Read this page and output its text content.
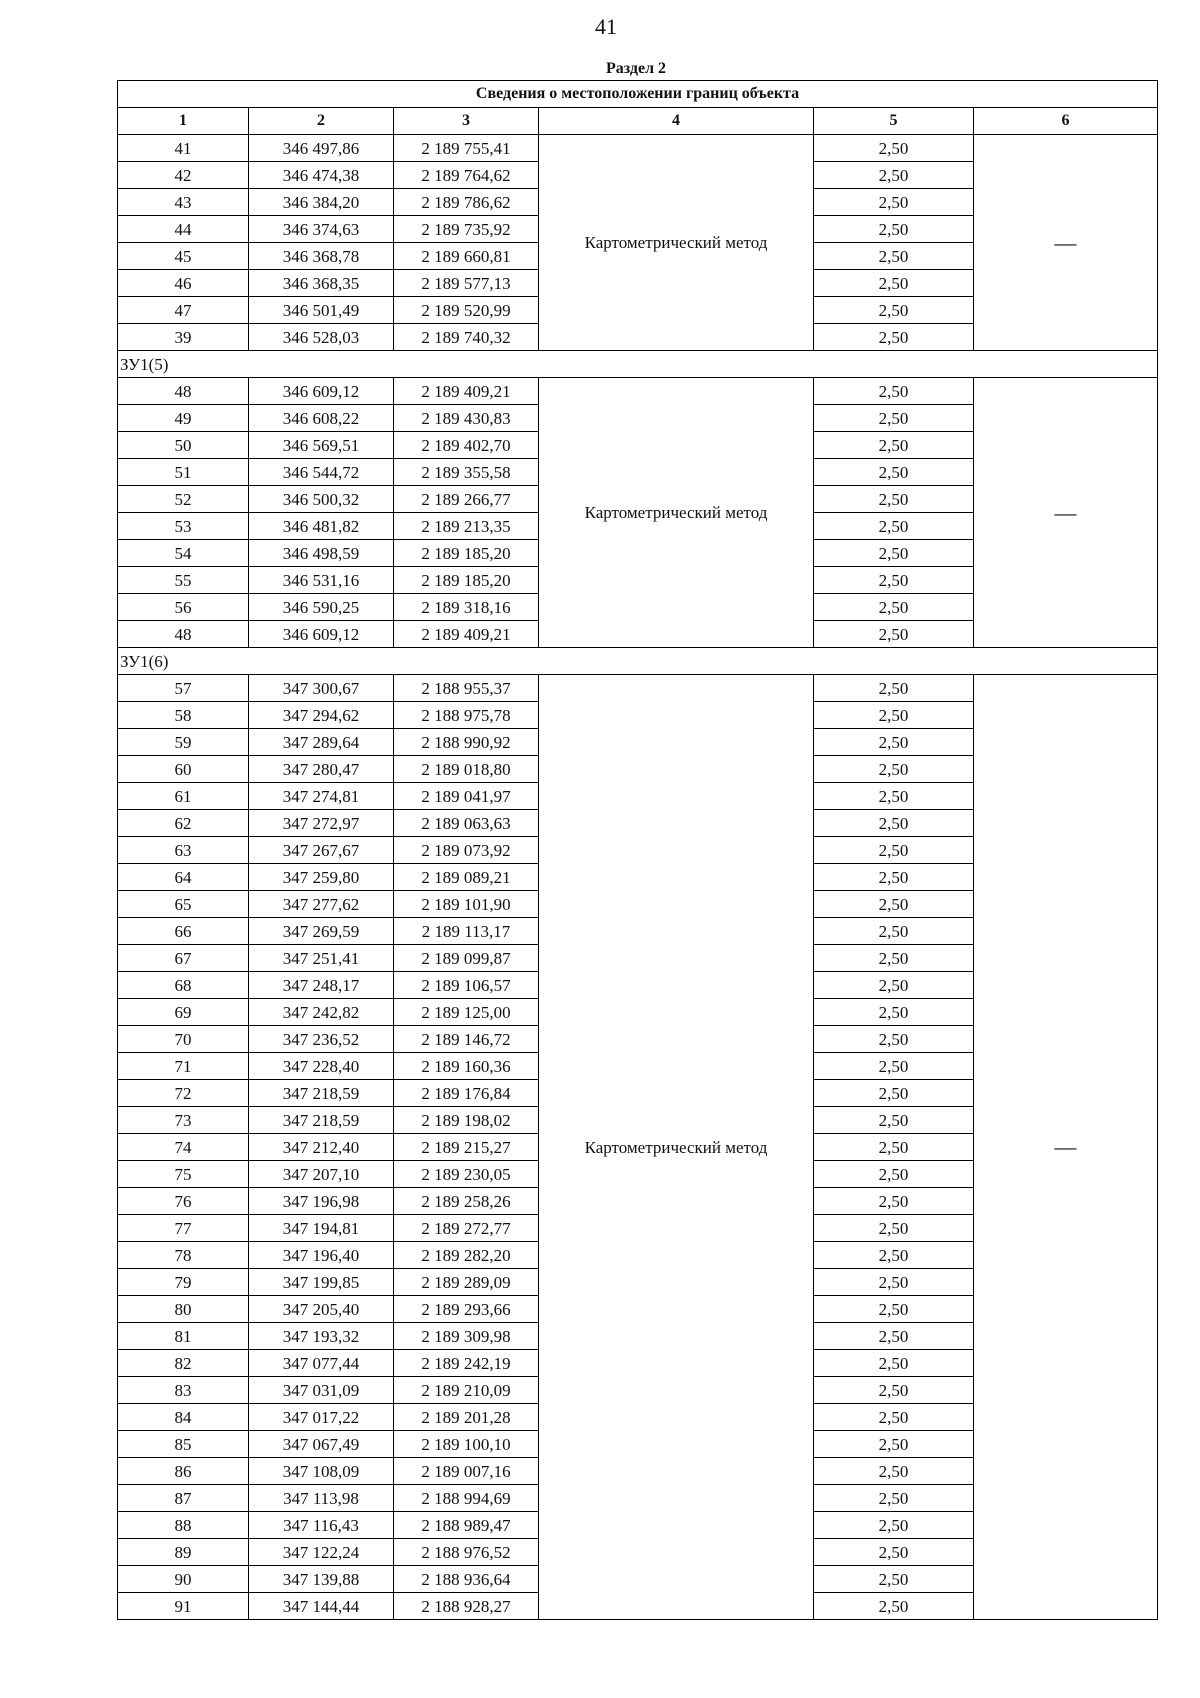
41
Раздел 2
Сведения о местоположении границ объекта					
1	2	3	4	5	6
41	346 497,86	2 189 755,41	Картометрический метод	2,50	—
42	346 474,38	2 189 764,62		2,50	
43	346 384,20	2 189 786,62		2,50	
44	346 374,63	2 189 735,92		2,50	
45	346 368,78	2 189 660,81		2,50	
46	346 368,35	2 189 577,13		2,50	
47	346 501,49	2 189 520,99		2,50	
39	346 528,03	2 189 740,32		2,50	
ЗУ1(5)					
48	346 609,12	2 189 409,21	Картометрический метод	2,50	—
49	346 608,22	2 189 430,83		2,50	
50	346 569,51	2 189 402,70		2,50	
51	346 544,72	2 189 355,58		2,50	
52	346 500,32	2 189 266,77		2,50	
53	346 481,82	2 189 213,35		2,50	
54	346 498,59	2 189 185,20		2,50	
55	346 531,16	2 189 185,20		2,50	
56	346 590,25	2 189 318,16		2,50	
48	346 609,12	2 189 409,21		2,50	
ЗУ1(6)					
57	347 300,67	2 188 955,37	Картометрический метод	2,50	—
58	347 294,62	2 188 975,78		2,50	
59	347 289,64	2 188 990,92		2,50	
60	347 280,47	2 189 018,80		2,50	
61	347 274,81	2 189 041,97		2,50	
62	347 272,97	2 189 063,63		2,50	
63	347 267,67	2 189 073,92		2,50	
64	347 259,80	2 189 089,21		2,50	
65	347 277,62	2 189 101,90		2,50	
66	347 269,59	2 189 113,17		2,50	
67	347 251,41	2 189 099,87		2,50	
68	347 248,17	2 189 106,57		2,50	
69	347 242,82	2 189 125,00		2,50	
70	347 236,52	2 189 146,72		2,50	
71	347 228,40	2 189 160,36		2,50	
72	347 218,59	2 189 176,84		2,50	
73	347 218,59	2 189 198,02		2,50	
74	347 212,40	2 189 215,27		2,50	
75	347 207,10	2 189 230,05		2,50	
76	347 196,98	2 189 258,26		2,50	
77	347 194,81	2 189 272,77		2,50	
78	347 196,40	2 189 282,20		2,50	
79	347 199,85	2 189 289,09		2,50	
80	347 205,40	2 189 293,66		2,50	
81	347 193,32	2 189 309,98		2,50	
82	347 077,44	2 189 242,19		2,50	
83	347 031,09	2 189 210,09		2,50	
84	347 017,22	2 189 201,28		2,50	
85	347 067,49	2 189 100,10		2,50	
86	347 108,09	2 189 007,16		2,50	
87	347 113,98	2 188 994,69		2,50	
88	347 116,43	2 188 989,47		2,50	
89	347 122,24	2 188 976,52		2,50	
90	347 139,88	2 188 936,64		2,50	
91	347 144,44	2 188 928,27		2,50	
